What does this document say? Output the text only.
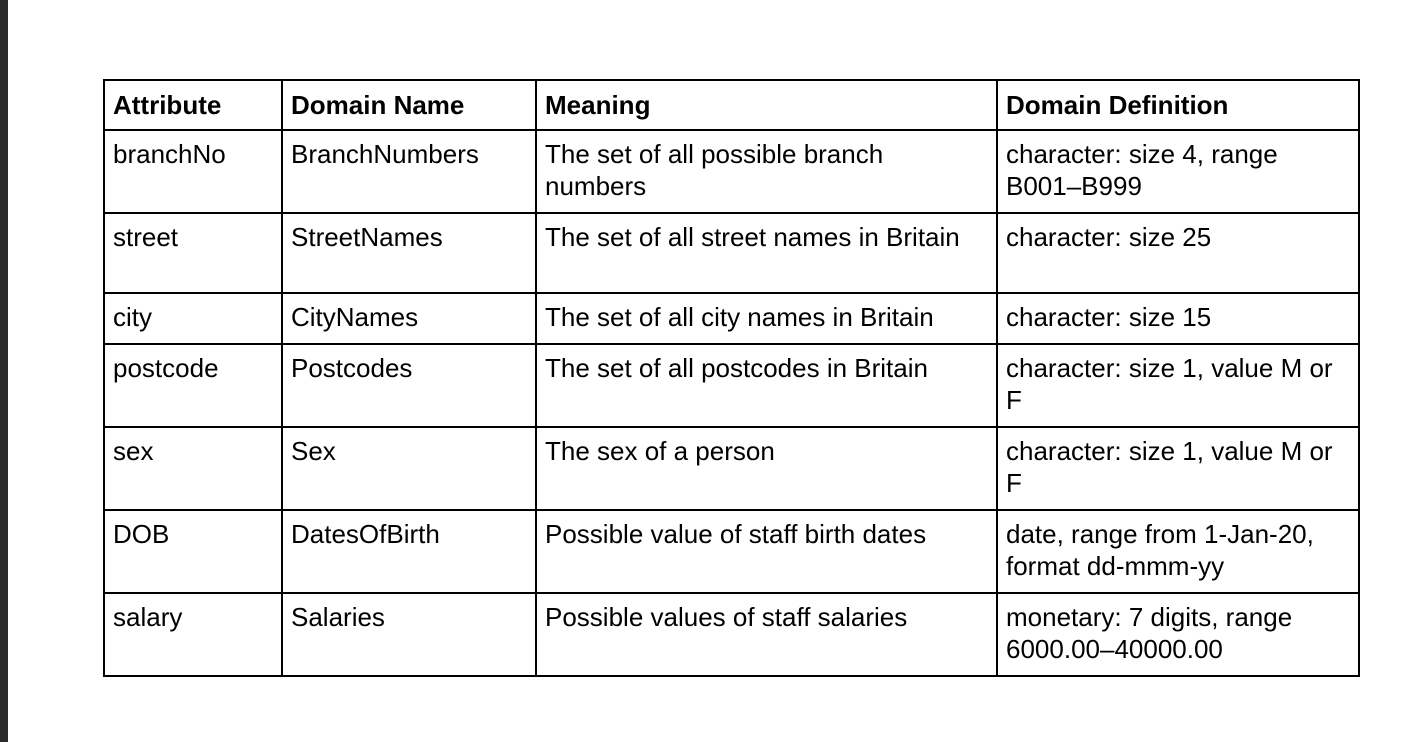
Attribute	Domain Name	Meaning	Domain Definition
branchNo	BranchNumbers	The set of all possible branch numbers	character: size 4, range B001–B999
street	StreetNames	The set of all street names in Britain	character: size 25
city	CityNames	The set of all city names in Britain	character: size 15
postcode	Postcodes	The set of all postcodes in Britain	character: size 1, value M or F
sex	Sex	The sex of a person	character: size 1, value M or F
DOB	DatesOfBirth	Possible value of staff birth dates	date, range from 1-Jan-20, format dd-mmm-yy
salary	Salaries	Possible values of staff salaries	monetary: 7 digits, range 6000.00–40000.00
